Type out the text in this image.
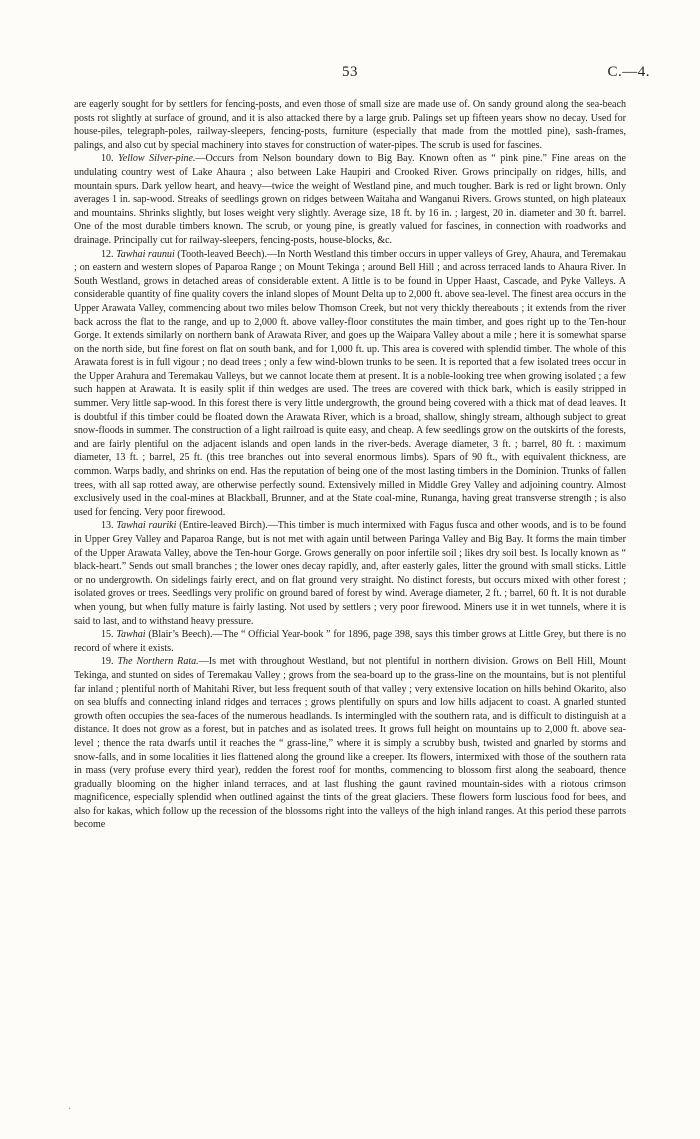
53	C.—4.

are eagerly sought for by settlers for fencing-posts, and even those of small size are made use of. On sandy ground along the sea-beach posts rot slightly at surface of ground, and it is also attacked there by a large grub. Palings set up fifteen years show no decay. Used for house-piles, telegraph-poles, railway-sleepers, fencing-posts, furniture (especially that made from the mottled pine), sash-frames, palings, and also cut by special machinery into staves for construction of water-pipes. The scrub is used for fascines.

10. Yellow Silver-pine.—Occurs from Nelson boundary down to Big Bay. Known often as “ pink pine.” Fine areas on the undulating country west of Lake Ahaura ; also between Lake Haupiri and Crooked River. Grows principally on ridges, hills, and mountain spurs. Dark yellow heart, and heavy—twice the weight of Westland pine, and much tougher. Bark is red or light brown. Only averages 1 in. sap-wood. Streaks of seedlings grown on ridges between Waitaha and Wanganui Rivers. Grows stunted, on high plateaux and mountains. Shrinks slightly, but loses weight very slightly. Average size, 18 ft. by 16 in. ; largest, 20 in. diameter and 30 ft. barrel. One of the most durable timbers known. The scrub, or young pine, is greatly valued for fascines, in connection with roadworks and drainage. Principally cut for railway-sleepers, fencing-posts, house-blocks, &c.

12. Tawhai raunui (Tooth-leaved Beech).—In North Westland this timber occurs in upper valleys of Grey, Ahaura, and Teremakau ; on eastern and western slopes of Paparoa Range ; on Mount Tekinga ; around Bell Hill ; and across terraced lands to Ahaura River. In South Westland, grows in detached areas of considerable extent. A little is to be found in Upper Haast, Cascade, and Pyke Valleys. A considerable quantity of fine quality covers the inland slopes of Mount Delta up to 2,000 ft. above sea-level. The finest area occurs in the Upper Arawata Valley, commencing about two miles below Thomson Creek, but not very thickly thereabouts ; it extends from the river back across the flat to the range, and up to 2,000 ft. above valley-floor constitutes the main timber, and goes right up to the Ten-hour Gorge. It extends similarly on northern bank of Arawata River, and goes up the Waipara Valley about a mile ; here it is somewhat sparse on the north side, but fine forest on flat on south bank, and for 1,000 ft. up. This area is covered with splendid timber. The whole of this Arawata forest is in full vigour ; no dead trees ; only a few wind-blown trunks to be seen. It is reported that a few isolated trees occur in the Upper Arahura and Teremakau Valleys, but we cannot locate them at present. It is a noble-looking tree when growing isolated ; a few such happen at Arawata. It is easily split if thin wedges are used. The trees are covered with thick bark, which is easily stripped in summer. Very little sap-wood. In this forest there is very little undergrowth, the ground being covered with a thick mat of dead leaves. It is doubtful if this timber could be floated down the Arawata River, which is a broad, shallow, shingly stream, although subject to great snow-floods in summer. The construction of a light railroad is quite easy, and cheap. A few seedlings grow on the outskirts of the forests, and are fairly plentiful on the adjacent islands and open lands in the river-beds. Average diameter, 3 ft. ; barrel, 80 ft. : maximum diameter, 13 ft. ; barrel, 25 ft. (this tree branches out into several enormous limbs). Spars of 90 ft., with equivalent thickness, are common. Warps badly, and shrinks on end. Has the reputation of being one of the most lasting timbers in the Dominion. Trunks of fallen trees, with all sap rotted away, are otherwise perfectly sound. Extensively milled in Middle Grey Valley and adjoining country. Almost exclusively used in the coal-mines at Blackball, Brunner, and at the State coal-mine, Runanga, having great transverse strength ; is also used for fencing. Very poor firewood.

13. Tawhai rauriki (Entire-leaved Birch).—This timber is much intermixed with Fagus fusca and other woods, and is to be found in Upper Grey Valley and Paparoa Range, but is not met with again until between Paringa Valley and Big Bay. It forms the main timber of the Upper Arawata Valley, above the Ten-hour Gorge. Grows generally on poor infertile soil ; likes dry soil best. Is locally known as “ black-heart.” Sends out small branches ; the lower ones decay rapidly, and, after easterly gales, litter the ground with small sticks. Little or no undergrowth. On sidelings fairly erect, and on flat ground very straight. No distinct forests, but occurs mixed with other forest ; isolated groves or trees. Seedlings very prolific on ground bared of forest by wind. Average diameter, 2 ft. ; barrel, 60 ft. It is not durable when young, but when fully mature is fairly lasting. Not used by settlers ; very poor firewood. Miners use it in wet tunnels, where it is said to last, and to withstand heavy pressure.

15. Tawhai (Blair’s Beech).—The “ Official Year-book ” for 1896, page 398, says this timber grows at Little Grey, but there is no record of where it exists.

19. The Northern Rata.—Is met with throughout Westland, but not plentiful in northern division. Grows on Bell Hill, Mount Tekinga, and stunted on sides of Teremakau Valley ; grows from the sea-board up to the grass-line on the mountains, but is not plentiful far inland ; plentiful north of Mahitahi River, but less frequent south of that valley ; very extensive location on hills behind Okarito, also on sea bluffs and connecting inland ridges and terraces ; grows plentifully on spurs and low hills adjacent to coast. A gnarled stunted growth often occupies the sea-faces of the numerous headlands. Is intermingled with the southern rata, and is difficult to distinguish at a distance. It does not grow as a forest, but in patches and as isolated trees. It grows full height on mountains up to 2,000 ft. above sea-level ; thence the rata dwarfs until it reaches the “ grass-line,” where it is simply a scrubby bush, twisted and gnarled by storms and snow-falls, and in some localities it lies flattened along the ground like a creeper. Its flowers, intermixed with those of the southern rata in mass (very profuse every third year), redden the forest roof for months, commencing to blossom first along the seaboard, thence gradually blooming on the higher inland terraces, and at last flushing the gaunt ravined mountain-sides with a riotous crimson magnificence, especially splendid when outlined against the tints of the great glaciers. These flowers form luscious food for bees, and also for kakas, which follow up the recession of the blossoms right into the valleys of the high inland ranges. At this period these parrots become

·
